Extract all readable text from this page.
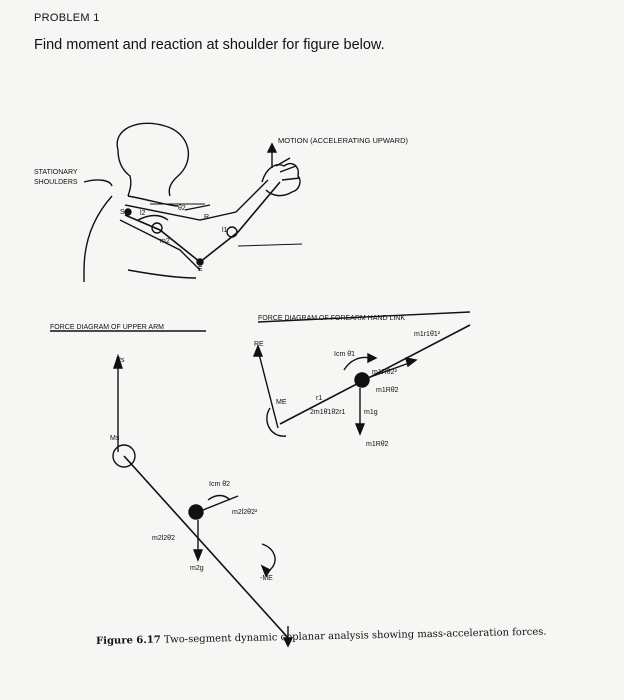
PROBLEM 1
Find moment and reaction at shoulder for figure below.
STATIONARY
SHOULDERS
MOTION (ACCELERATING UPWARD)
S
E
R
m2
l2
θ2
l1
FORCE DIAGRAM OF UPPER ARM
FORCE DIAGRAM OF FOREARM HAND LINK
Rs
Ms
Icm θ̈2
m2l2θ̇2²
m2l2θ̈2
m2g
-ME
RE
ME
Icm θ̈1
m1r1θ̇1²
m1Rθ̇2²
m1Rθ̈2
2m1θ̇1θ̇2r1	m1g
m1Rθ̈2
r1
Figure 6.17 Two-segment dynamic coplanar analysis showing mass-acceleration forces.
